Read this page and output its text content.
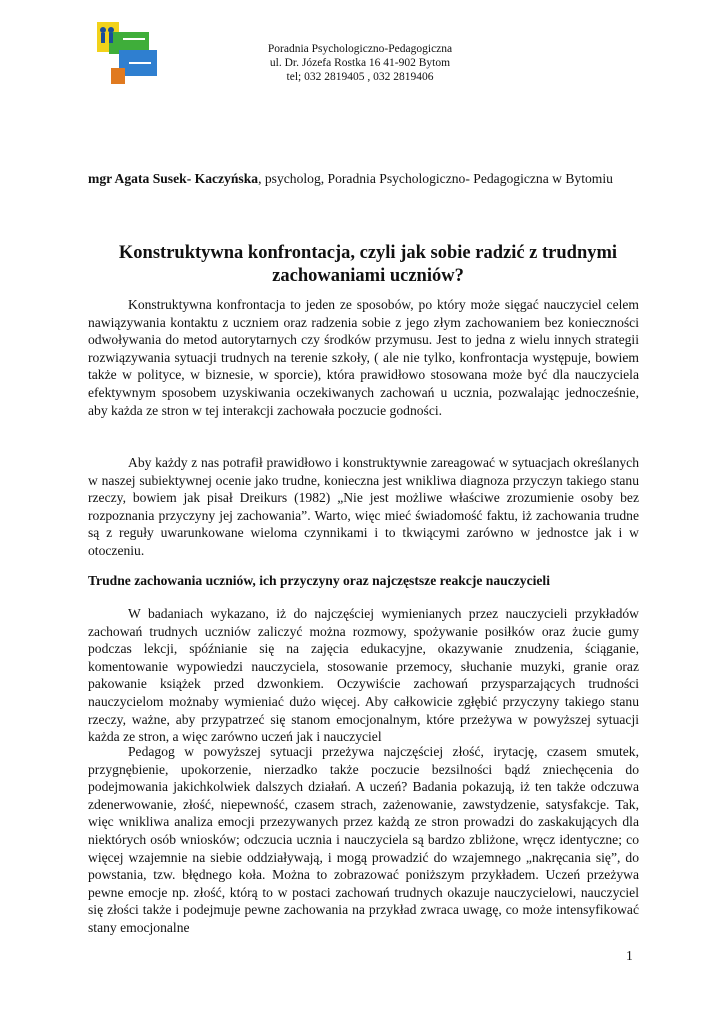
Poradnia Psychologiczno-Pedagogiczna
ul. Dr. Józefa Rostka 16 41-902 Bytom
tel; 032 2819405 , 032 2819406
mgr Agata Susek- Kaczyńska, psycholog, Poradnia Psychologiczno- Pedagogiczna w Bytomiu
Konstruktywna konfrontacja, czyli jak sobie radzić z trudnymi zachowaniami uczniów?

Konstruktywna konfrontacja to jeden ze sposobów, po który może sięgać nauczyciel celem nawiązywania kontaktu z uczniem oraz radzenia sobie z jego złym zachowaniem bez konieczności odwoływania do metod autorytarnych czy środków przymusu. Jest to jedna z wielu innych strategii rozwiązywania sytuacji trudnych na terenie szkoły, ( ale nie tylko, konfrontacja występuje, bowiem także w polityce, w biznesie, w sporcie), która prawidłowo stosowana może być dla nauczyciela efektywnym sposobem uzyskiwania oczekiwanych zachowań u ucznia, pozwalając jednocześnie, aby każda ze stron w tej interakcji zachowała poczucie godności.

Aby każdy z nas potrafił prawidłowo i konstruktywnie zareagować w sytuacjach określanych w naszej subiektywnej ocenie jako trudne, konieczna jest wnikliwa diagnoza przyczyn takiego stanu rzeczy, bowiem jak pisał Dreikurs (1982) „Nie jest możliwe właściwe zrozumienie osoby bez rozpoznania przyczyny jej zachowania”. Warto, więc mieć świadomość faktu, iż zachowania trudne są z reguły uwarunkowane wieloma czynnikami i to tkwiącymi zarówno w jednostce jak i w otoczeniu.

Trudne zachowania uczniów, ich przyczyny oraz najczęstsze reakcje nauczycieli

W badaniach wykazano, iż do najczęściej wymienianych przez nauczycieli przykładów zachowań trudnych uczniów zaliczyć można rozmowy, spożywanie posiłków oraz żucie gumy podczas lekcji, spóźnianie się na zajęcia edukacyjne, okazywanie znudzenia, ściąganie, komentowanie wypowiedzi nauczyciela, stosowanie przemocy, słuchanie muzyki, granie oraz pakowanie książek przed dzwonkiem. Oczywiście zachowań przysparzających trudności nauczycielom możnaby wymieniać dużo więcej. Aby całkowicie zgłębić przyczyny takiego stanu rzeczy, ważne, aby przypatrzeć się stanom emocjonalnym, które przeżywa w powyższej sytuacji każda ze stron, a więc zarówno uczeń jak i nauczyciel

Pedagog w powyższej sytuacji przeżywa najczęściej złość, irytację, czasem smutek, przygnębienie, upokorzenie, nierzadko także poczucie bezsilności bądź zniechęcenia do podejmowania jakichkolwiek dalszych działań. A uczeń? Badania pokazują, iż ten także odczuwa zdenerwowanie, złość, niepewność, czasem strach, zażenowanie, zawstydzenie, satysfakcje. Tak, więc wnikliwa analiza emocji przezywanych przez każdą ze stron prowadzi do zaskakujących dla niektórych osób wniosków; odczucia ucznia i nauczyciela są bardzo zbliżone, wręcz identyczne; co więcej wzajemnie na siebie oddziaływają, i mogą prowadzić do wzajemnego „nakręcania się”, do powstania, tzw. błędnego koła. Można to zobrazować poniższym przykładem. Uczeń przeżywa pewne emocje np. złość, którą to w postaci zachowań trudnych okazuje nauczycielowi, nauczyciel się złości także i podejmuje pewne zachowania na przykład zwraca uwagę, co może intensyfikować stany emocjonalne

1
